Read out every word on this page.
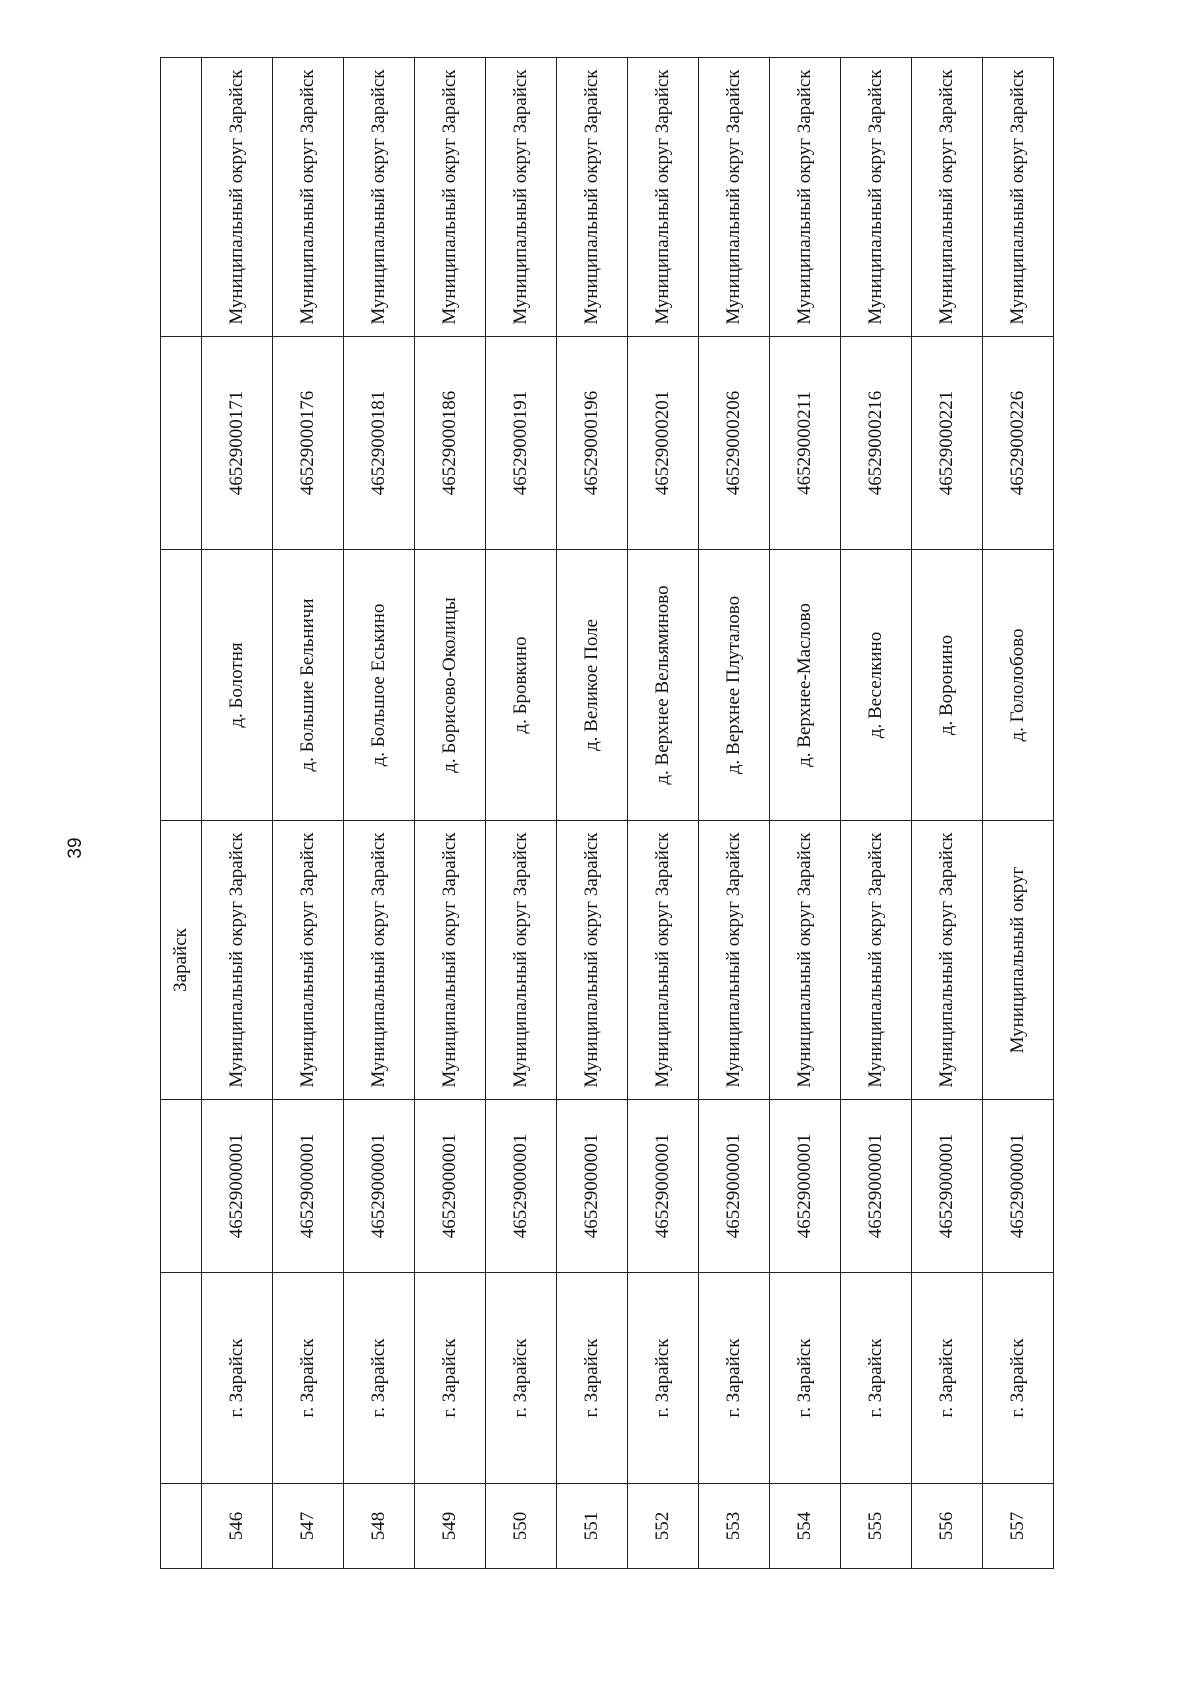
39

			Зарайск			

546	г. Зарайск	46529000001	Муниципальный округ Зарайск	д. Болотня	46529000171	Муниципальный округ Зарайск
547	г. Зарайск	46529000001	Муниципальный округ Зарайск	д. Большие Бельничи	46529000176	Муниципальный округ Зарайск
548	г. Зарайск	46529000001	Муниципальный округ Зарайск	д. Большое Еськино	46529000181	Муниципальный округ Зарайск
549	г. Зарайск	46529000001	Муниципальный округ Зарайск	д. Борисово-Околицы	46529000186	Муниципальный округ Зарайск
550	г. Зарайск	46529000001	Муниципальный округ Зарайск	д. Бровкино	46529000191	Муниципальный округ Зарайск
551	г. Зарайск	46529000001	Муниципальный округ Зарайск	д. Великое Поле	46529000196	Муниципальный округ Зарайск
552	г. Зарайск	46529000001	Муниципальный округ Зарайск	д. Верхнее Вельяминово	46529000201	Муниципальный округ Зарайск
553	г. Зарайск	46529000001	Муниципальный округ Зарайск	д. Верхнее Плуталово	46529000206	Муниципальный округ Зарайск
554	г. Зарайск	46529000001	Муниципальный округ Зарайск	д. Верхнее-Маслово	46529000211	Муниципальный округ Зарайск
555	г. Зарайск	46529000001	Муниципальный округ Зарайск	д. Веселкино	46529000216	Муниципальный округ Зарайск
556	г. Зарайск	46529000001	Муниципальный округ Зарайск	д. Воронино	46529000221	Муниципальный округ Зарайск
557	г. Зарайск	46529000001	Муниципальный округ	д. Гололобово	46529000226	Муниципальный округ Зарайск
